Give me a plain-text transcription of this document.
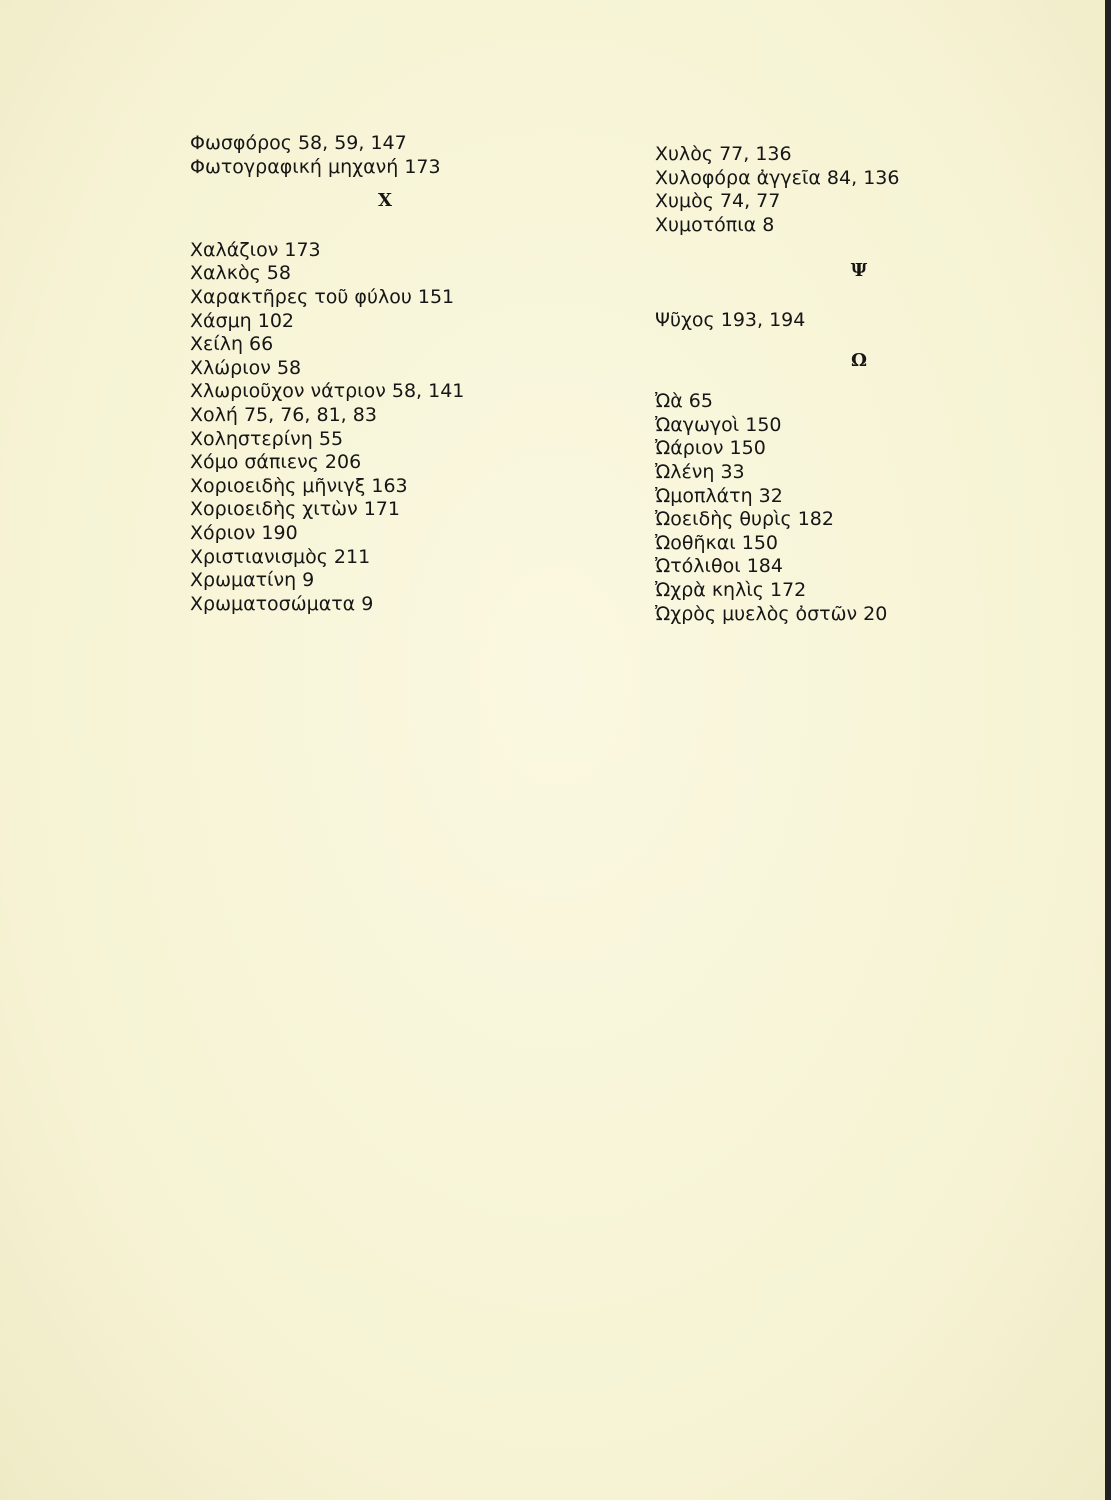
Φωσφόρος 58, 59, 147
Φωτογραφική μηχανή 173
Χ
Χαλάζιον 173
Χαλκὸς 58
Χαρακτῆρες τοῦ φύλου 151
Χάσμη 102
Χείλη 66
Χλώριον 58
Χλωριοῦχον νάτριον 58, 141
Χολή 75, 76, 81, 83
Χοληστερίνη 55
Χόμο σάπιενς 206
Χοριοειδὴς μῆνιγξ 163
Χοριοειδὴς χιτὼν 171
Χόριον 190
Χριστιανισμὸς 211
Χρωματίνη 9
Χρωματοσώματα 9
Χυλὸς 77, 136
Χυλοφόρα ἀγγεῖα 84, 136
Χυμὸς 74, 77
Χυμοτόπια 8
Ψ
Ψῦχος 193, 194
Ω
Ὠὰ 65
Ὠαγωγοὶ 150
Ὠάριον 150
Ὠλένη 33
Ὠμοπλάτη 32
Ὠοειδὴς θυρὶς 182
Ὠοθῆκαι 150
Ὠτόλιθοι 184
Ὠχρὰ κηλὶς 172
Ὠχρὸς μυελὸς ὀστῶν 20
